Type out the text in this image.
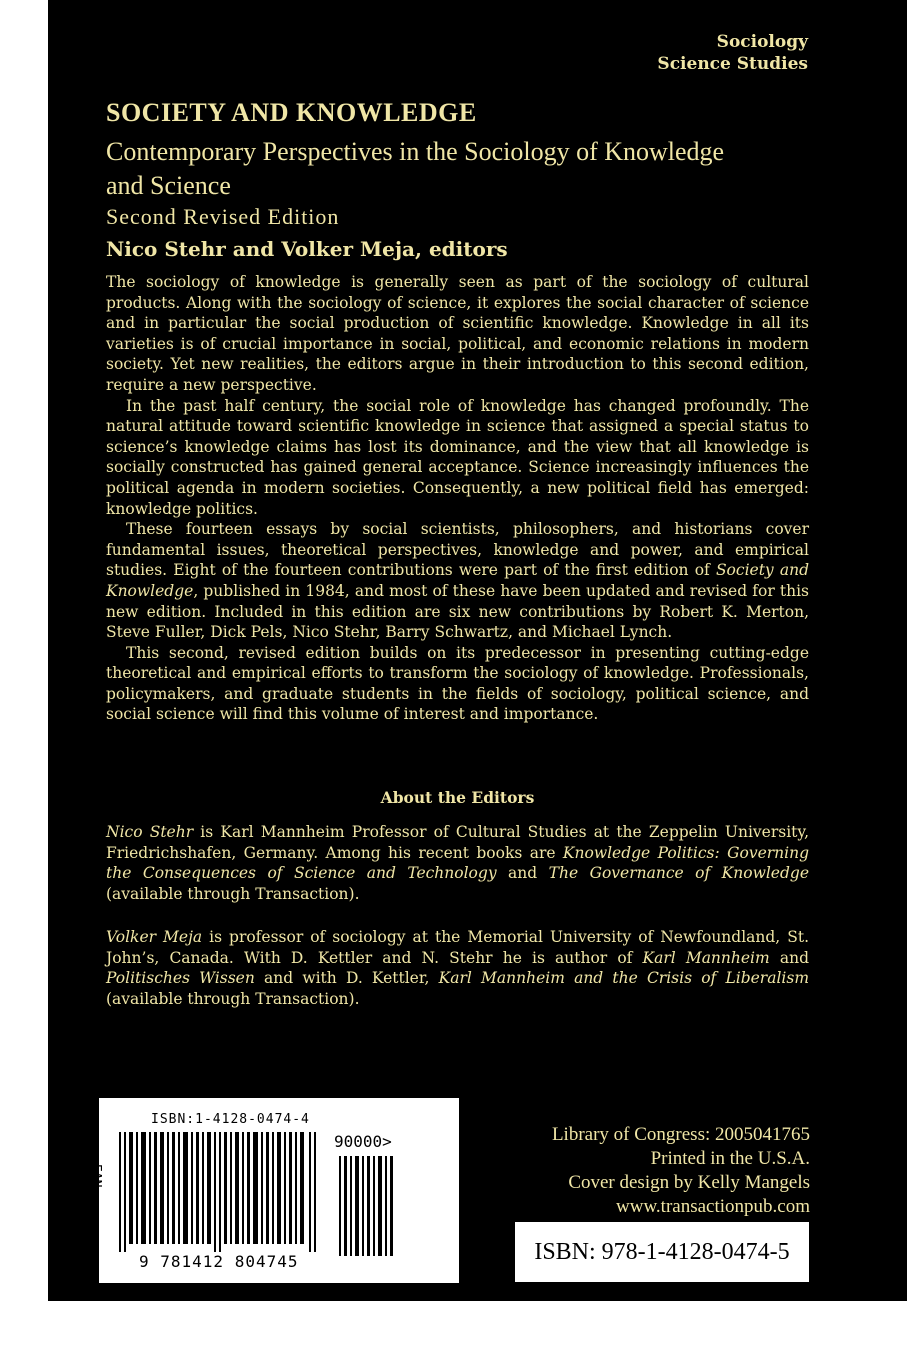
Sociology
Science Studies
SOCIETY AND KNOWLEDGE
Contemporary Perspectives in the Sociology of Knowledge and Science
Second Revised Edition
Nico Stehr and Volker Meja, editors

The sociology of knowledge is generally seen as part of the sociology of cultural products. Along with the sociology of science, it explores the social character of science and in particular the social production of scientific knowledge. Knowledge in all its varieties is of crucial importance in social, political, and economic relations in modern society. Yet new realities, the editors argue in their introduction to this second edition, require a new perspective.

In the past half century, the social role of knowledge has changed profoundly. The natural attitude toward scientific knowledge in science that assigned a special status to science’s knowledge claims has lost its dominance, and the view that all knowledge is socially constructed has gained general acceptance. Science increasingly influences the political agenda in modern societies. Consequently, a new political field has emerged: knowledge politics.

These fourteen essays by social scientists, philosophers, and historians cover fundamental issues, theoretical perspectives, knowledge and power, and empirical studies. Eight of the fourteen contributions were part of the first edition of Society and Knowledge, published in 1984, and most of these have been updated and revised for this new edition. Included in this edition are six new contributions by Robert K. Merton, Steve Fuller, Dick Pels, Nico Stehr, Barry Schwartz, and Michael Lynch.

This second, revised edition builds on its predecessor in presenting cutting-edge theoretical and empirical efforts to transform the sociology of knowledge. Professionals, policymakers, and graduate students in the fields of sociology, political science, and social science will find this volume of interest and importance.

About the Editors
Nico Stehr is Karl Mannheim Professor of Cultural Studies at the Zeppelin University, Friedrichshafen, Germany. Among his recent books are Knowledge Politics: Governing the Consequences of Science and Technology and The Governance of Knowledge (available through Transaction).
Volker Meja is professor of sociology at the Memorial University of Newfoundland, St. John’s, Canada. With D. Kettler and N. Stehr he is author of Karl Mannheim and Politisches Wissen and with D. Kettler, Karl Mannheim and the Crisis of Liberalism (available through Transaction).
ISBN:1-4128-0474-4
EAN
9 781412 804745
90000>	Library of Congress: 2005041765
Printed in the U.S.A.
Cover design by Kelly Mangels
www.transactionpub.com
ISBN: 978-1-4128-0474-5
